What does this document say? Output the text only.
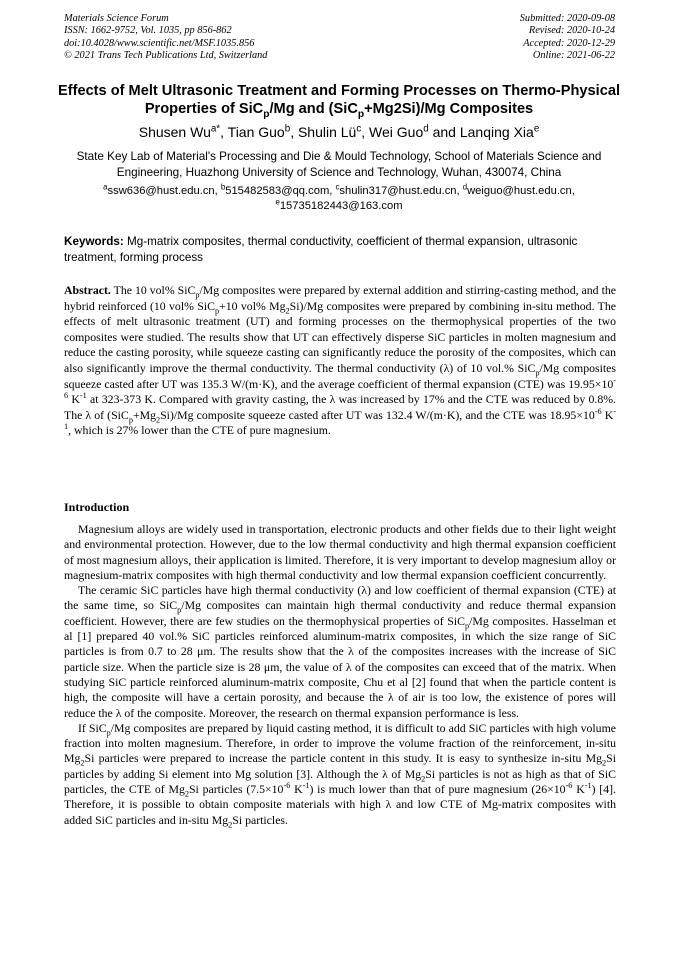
Materials Science Forum
ISSN: 1662-9752, Vol. 1035, pp 856-862
doi:10.4028/www.scientific.net/MSF.1035.856
© 2021 Trans Tech Publications Ltd, Switzerland
Submitted: 2020-09-08
Revised: 2020-10-24
Accepted: 2020-12-29
Online: 2021-06-22
Effects of Melt Ultrasonic Treatment and Forming Processes on Thermo-Physical Properties of SiC$_p$/Mg and (SiC$_p$+Mg2Si)/Mg Composites
Shusen $Wu^{a*}$, Tian Guo$^b$, Shulin $Lü^c$, Wei Guo$^d$ and Lanqing Xia$^e$
State Key Lab of Material's Processing and Die & Mould Technology, School of Materials Science and Engineering, Huazhong University of Science and Technology, Wuhan, 430074, China
$^a$ssw636@hust.edu.cn, $^b$515482583@qq.com, $^c$shulin317@hust.edu.cn, $^d$weiguo@hust.edu.cn,
$^e$15735182443@163.com
Keywords: Mg-matrix composites, thermal conductivity, coefficient of thermal expansion, ultrasonic treatment, forming process
Abstract. The 10 vol% SiC$_p$/Mg composites were prepared by external addition and stirring-casting method, and the hybrid reinforced (10 vol% SiC$_p$+10 vol% $Mg_2Si)/Mg$ composites were prepared by combining in-situ method. The effects of melt ultrasonic treatment (UT) and forming processes on the thermophysical properties of the two composites were studied. The results show that UT can effectively disperse SiC particles in molten magnesium and reduce the casting porosity, while squeeze casting can significantly reduce the porosity of the composites, which can also significantly improve the thermal conductivity. The thermal conductivity (λ) of 10 vol.% SiC$_p$/Mg composites squeeze casted after UT was 135.3 W/(m·K), and the average coefficient of thermal expansion (CTE) was $19.95\times 10^{-6}$ $K^{-1}$ at 323-373 K. Compared with gravity casting, the λ was increased by 17% and the CTE was reduced by 0.8%. The λ of $(SiC_p+Mg_2Si)/Mg$ composite squeeze casted after UT was 132.4 W/(m·K), and the CTE was $18.95\times 10^{-6}$ $K^{-1}$, which is 27% lower than the CTE of pure magnesium.
Introduction

Magnesium alloys are widely used in transportation, electronic products and other fields due to their light weight and environmental protection. However, due to the low thermal conductivity and high thermal expansion coefficient of most magnesium alloys, their application is limited. Therefore, it is very important to develop magnesium alloy or magnesium-matrix composites with high thermal conductivity and low thermal expansion coefficient concurrently.

The ceramic SiC particles have high thermal conductivity (λ) and low coefficient of thermal expansion (CTE) at the same time, so SiC$_p$/Mg composites can maintain high thermal conductivity and reduce thermal expansion coefficient. However, there are few studies on the thermophysical properties of SiC$_p$/Mg composites. Hasselman et al [1] prepared 40 vol.% SiC particles reinforced aluminum-matrix composites, in which the size range of SiC particles is from 0.7 to 28 μm. The results show that the λ of the composites increases with the increase of SiC particle size. When the particle size is 28 μm, the value of λ of the composites can exceed that of the matrix. When studying SiC particle reinforced aluminum-matrix composite, Chu et al [2] found that when the particle content is high, the composite will have a certain porosity, and because the λ of air is too low, the existence of pores will reduce the λ of the composite. Moreover, the research on thermal expansion performance is less.

If SiC$_p$/Mg composites are prepared by liquid casting method, it is difficult to add SiC particles with high volume fraction into molten magnesium. Therefore, in order to improve the volume fraction of the reinforcement, in-situ $Mg_2Si$ particles were prepared to increase the particle content in this study. It is easy to synthesize in-situ $Mg_2Si$ particles by adding Si element into Mg solution [3]. Although the λ of $Mg_2Si$ particles is not as high as that of SiC particles, the CTE of $Mg_2Si$ particles ($7.5\times 10^{-6}$ $K^{-1}$) is much lower than that of pure magnesium ($26\times 10^{-6}$ $K^{-1}$) [4]. Therefore, it is possible to obtain composite materials with high λ and low CTE of Mg-matrix composites with added SiC particles and in-situ $Mg_2Si$ particles.
